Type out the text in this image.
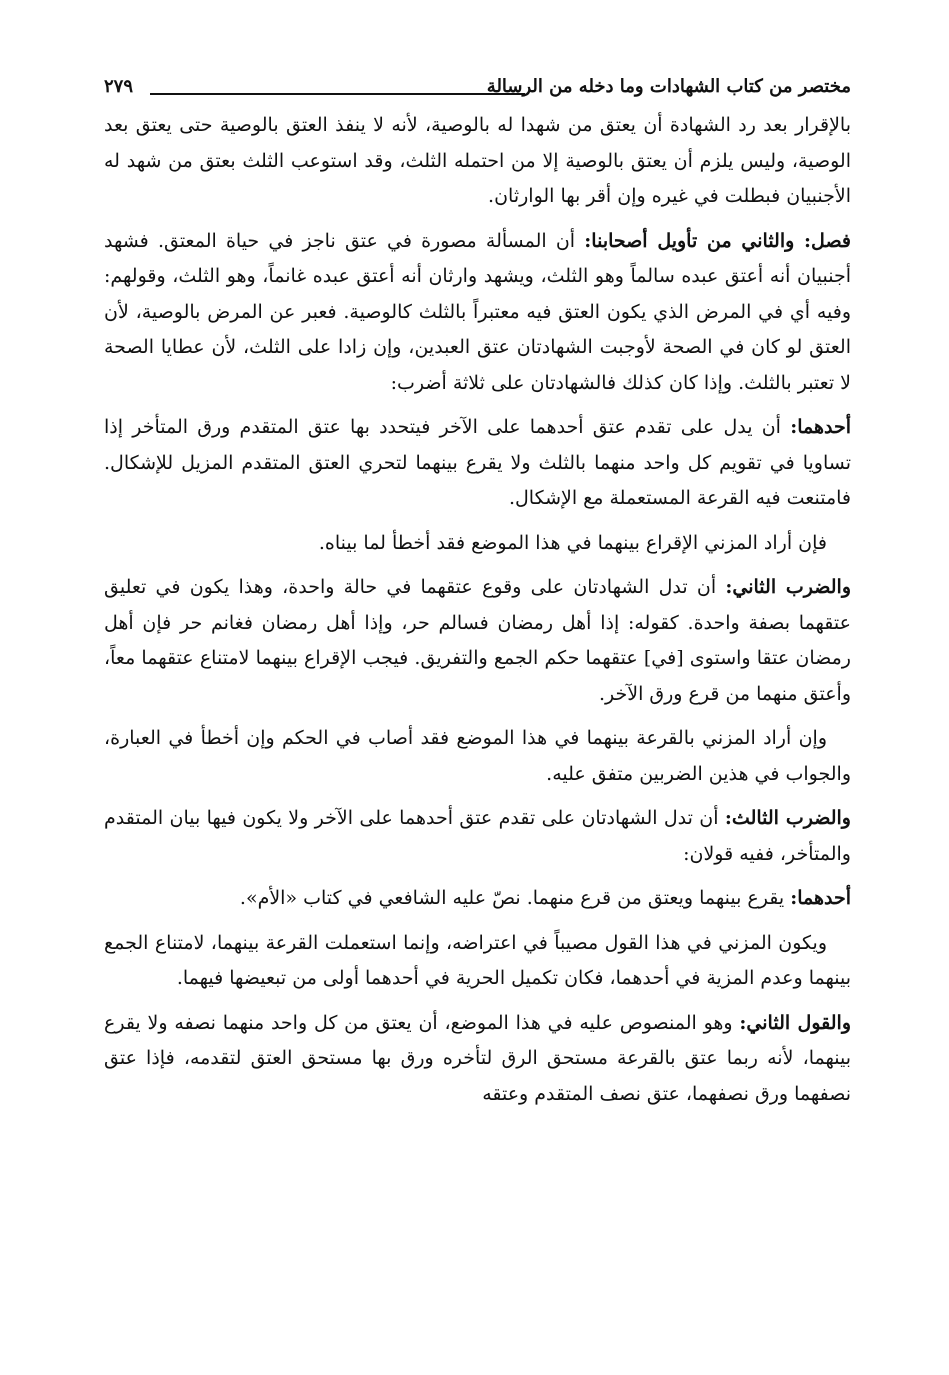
مختصر من كتاب الشهادات وما دخله من الرسالة
٢٧٩

بالإقرار بعد رد الشهادة أن يعتق من شهدا له بالوصية، لأنه لا ينفذ العتق بالوصية حتى يعتق بعد الوصية، وليس يلزم أن يعتق بالوصية إلا من احتمله الثلث، وقد استوعب الثلث بعتق من شهد له الأجنبيان فبطلت في غيره وإن أقر بها الوارثان.

فصل: والثاني من تأويل أصحابنا: أن المسألة مصورة في عتق ناجز في حياة المعتق. فشهد أجنبيان أنه أعتق عبده سالماً وهو الثلث، ويشهد وارثان أنه أعتق عبده غانماً، وهو الثلث، وقولهم: وفيه أي في المرض الذي يكون العتق فيه معتبراً بالثلث كالوصية. فعبر عن المرض بالوصية، لأن العتق لو كان في الصحة لأوجبت الشهادتان عتق العبدين، وإن زادا على الثلث، لأن عطايا الصحة لا تعتبر بالثلث. وإذا كان كذلك فالشهادتان على ثلاثة أضرب:

أحدهما: أن يدل على تقدم عتق أحدهما على الآخر فيتحدد بها عتق المتقدم ورق المتأخر إذا تساويا في تقويم كل واحد منهما بالثلث ولا يقرع بينهما لتحري العتق المتقدم المزيل للإشكال. فامتنعت فيه القرعة المستعملة مع الإشكال.

فإن أراد المزني الإقراع بينهما في هذا الموضع فقد أخطأ لما بيناه.

والضرب الثاني: أن تدل الشهادتان على وقوع عتقهما في حالة واحدة، وهذا يكون في تعليق عتقهما بصفة واحدة. كقوله: إذا أهل رمضان فسالم حر، وإذا أهل رمضان فغانم حر فإن أهل رمضان عتقا واستوى [في] عتقهما حكم الجمع والتفريق. فيجب الإقراع بينهما لامتناع عتقهما معاً، وأعتق منهما من قرع ورق الآخر.

وإن أراد المزني بالقرعة بينهما في هذا الموضع فقد أصاب في الحكم وإن أخطأ في العبارة، والجواب في هذين الضربين متفق عليه.

والضرب الثالث: أن تدل الشهادتان على تقدم عتق أحدهما على الآخر ولا يكون فيها بيان المتقدم والمتأخر، ففيه قولان:

أحدهما: يقرع بينهما ويعتق من قرع منهما. نصّ عليه الشافعي في كتاب «الأم».

ويكون المزني في هذا القول مصيباً في اعتراضه، وإنما استعملت القرعة بينهما، لامتناع الجمع بينهما وعدم المزية في أحدهما، فكان تكميل الحرية في أحدهما أولى من تبعيضها فيهما.

والقول الثاني: وهو المنصوص عليه في هذا الموضع، أن يعتق من كل واحد منهما نصفه ولا يقرع بينهما، لأنه ربما عتق بالقرعة مستحق الرق لتأخره ورق بها مستحق العتق لتقدمه، فإذا عتق نصفهما ورق نصفهما، عتق نصف المتقدم وعتقه
